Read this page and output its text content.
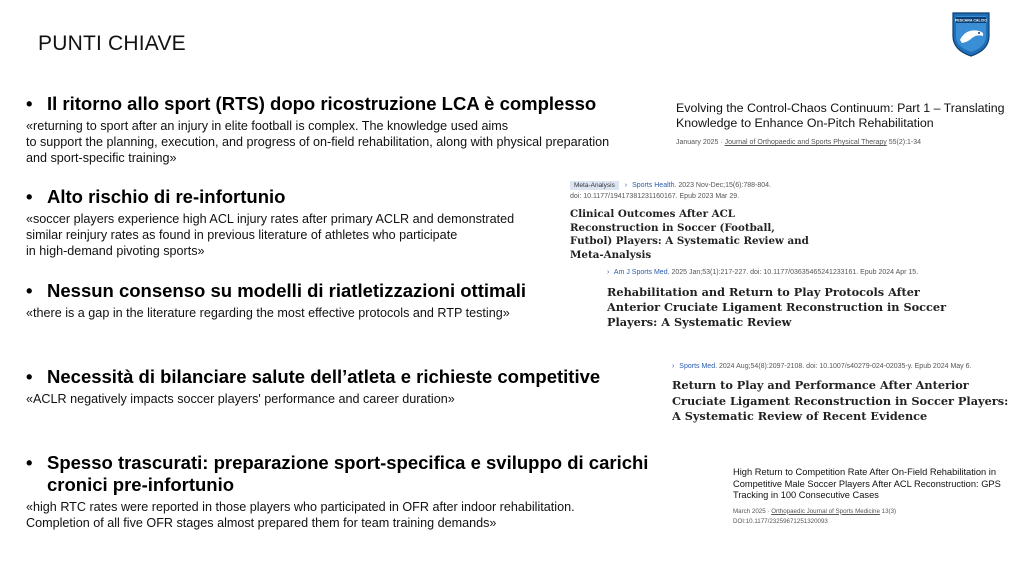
PUNTI CHIAVE
PESCARA CALCIO
• Il ritorno allo sport (RTS) dopo ricostruzione LCA è complesso
«returning to sport after an injury in elite football is complex. The knowledge used aims
to support the planning, execution, and progress of on-field rehabilitation, along with physical preparation
and sport-specific training»
• Alto rischio di re-infortunio
«soccer players experience high ACL injury rates after primary ACLR and demonstrated
similar reinjury rates as found in previous literature of athletes who participate
in high-demand pivoting sports»
• Nessun consenso su modelli di riatletizzazioni ottimali
«there is a gap in the literature regarding the most effective protocols and RTP testing»
• Necessità di bilanciare salute dell’atleta e richieste competitive
«ACLR negatively impacts soccer players' performance and career duration»
• Spesso trascurati: preparazione sport-specifica e sviluppo di carichi cronici pre-infortunio
«high RTC rates were reported in those players who participated in OFR after indoor rehabilitation.
Completion of all five OFR stages almost prepared them for team training demands»
Evolving the Control-Chaos Continuum: Part 1 – Translating Knowledge to Enhance On-Pitch Rehabilitation
January 2025 · Journal of Orthopaedic and Sports Physical Therapy 55(2):1-34
Meta-Analysis › Sports Health. 2023 Nov-Dec;15(6):788-804.
doi: 10.1177/19417381231160167. Epub 2023 Mar 29.
Clinical Outcomes After ACL Reconstruction in Soccer (Football, Futbol) Players: A Systematic Review and Meta-Analysis
› Am J Sports Med. 2025 Jan;53(1):217-227. doi: 10.1177/03635465241233161. Epub 2024 Apr 15.
Rehabilitation and Return to Play Protocols After Anterior Cruciate Ligament Reconstruction in Soccer Players: A Systematic Review
› Sports Med. 2024 Aug;54(8):2097-2108. doi: 10.1007/s40279-024-02035-y. Epub 2024 May 6.
Return to Play and Performance After Anterior Cruciate Ligament Reconstruction in Soccer Players: A Systematic Review of Recent Evidence
High Return to Competition Rate After On-Field Rehabilitation in Competitive Male Soccer Players After ACL Reconstruction: GPS Tracking in 100 Consecutive Cases
March 2025 · Orthopaedic Journal of Sports Medicine 13(3)
DOI:10.1177/23259671251320093
